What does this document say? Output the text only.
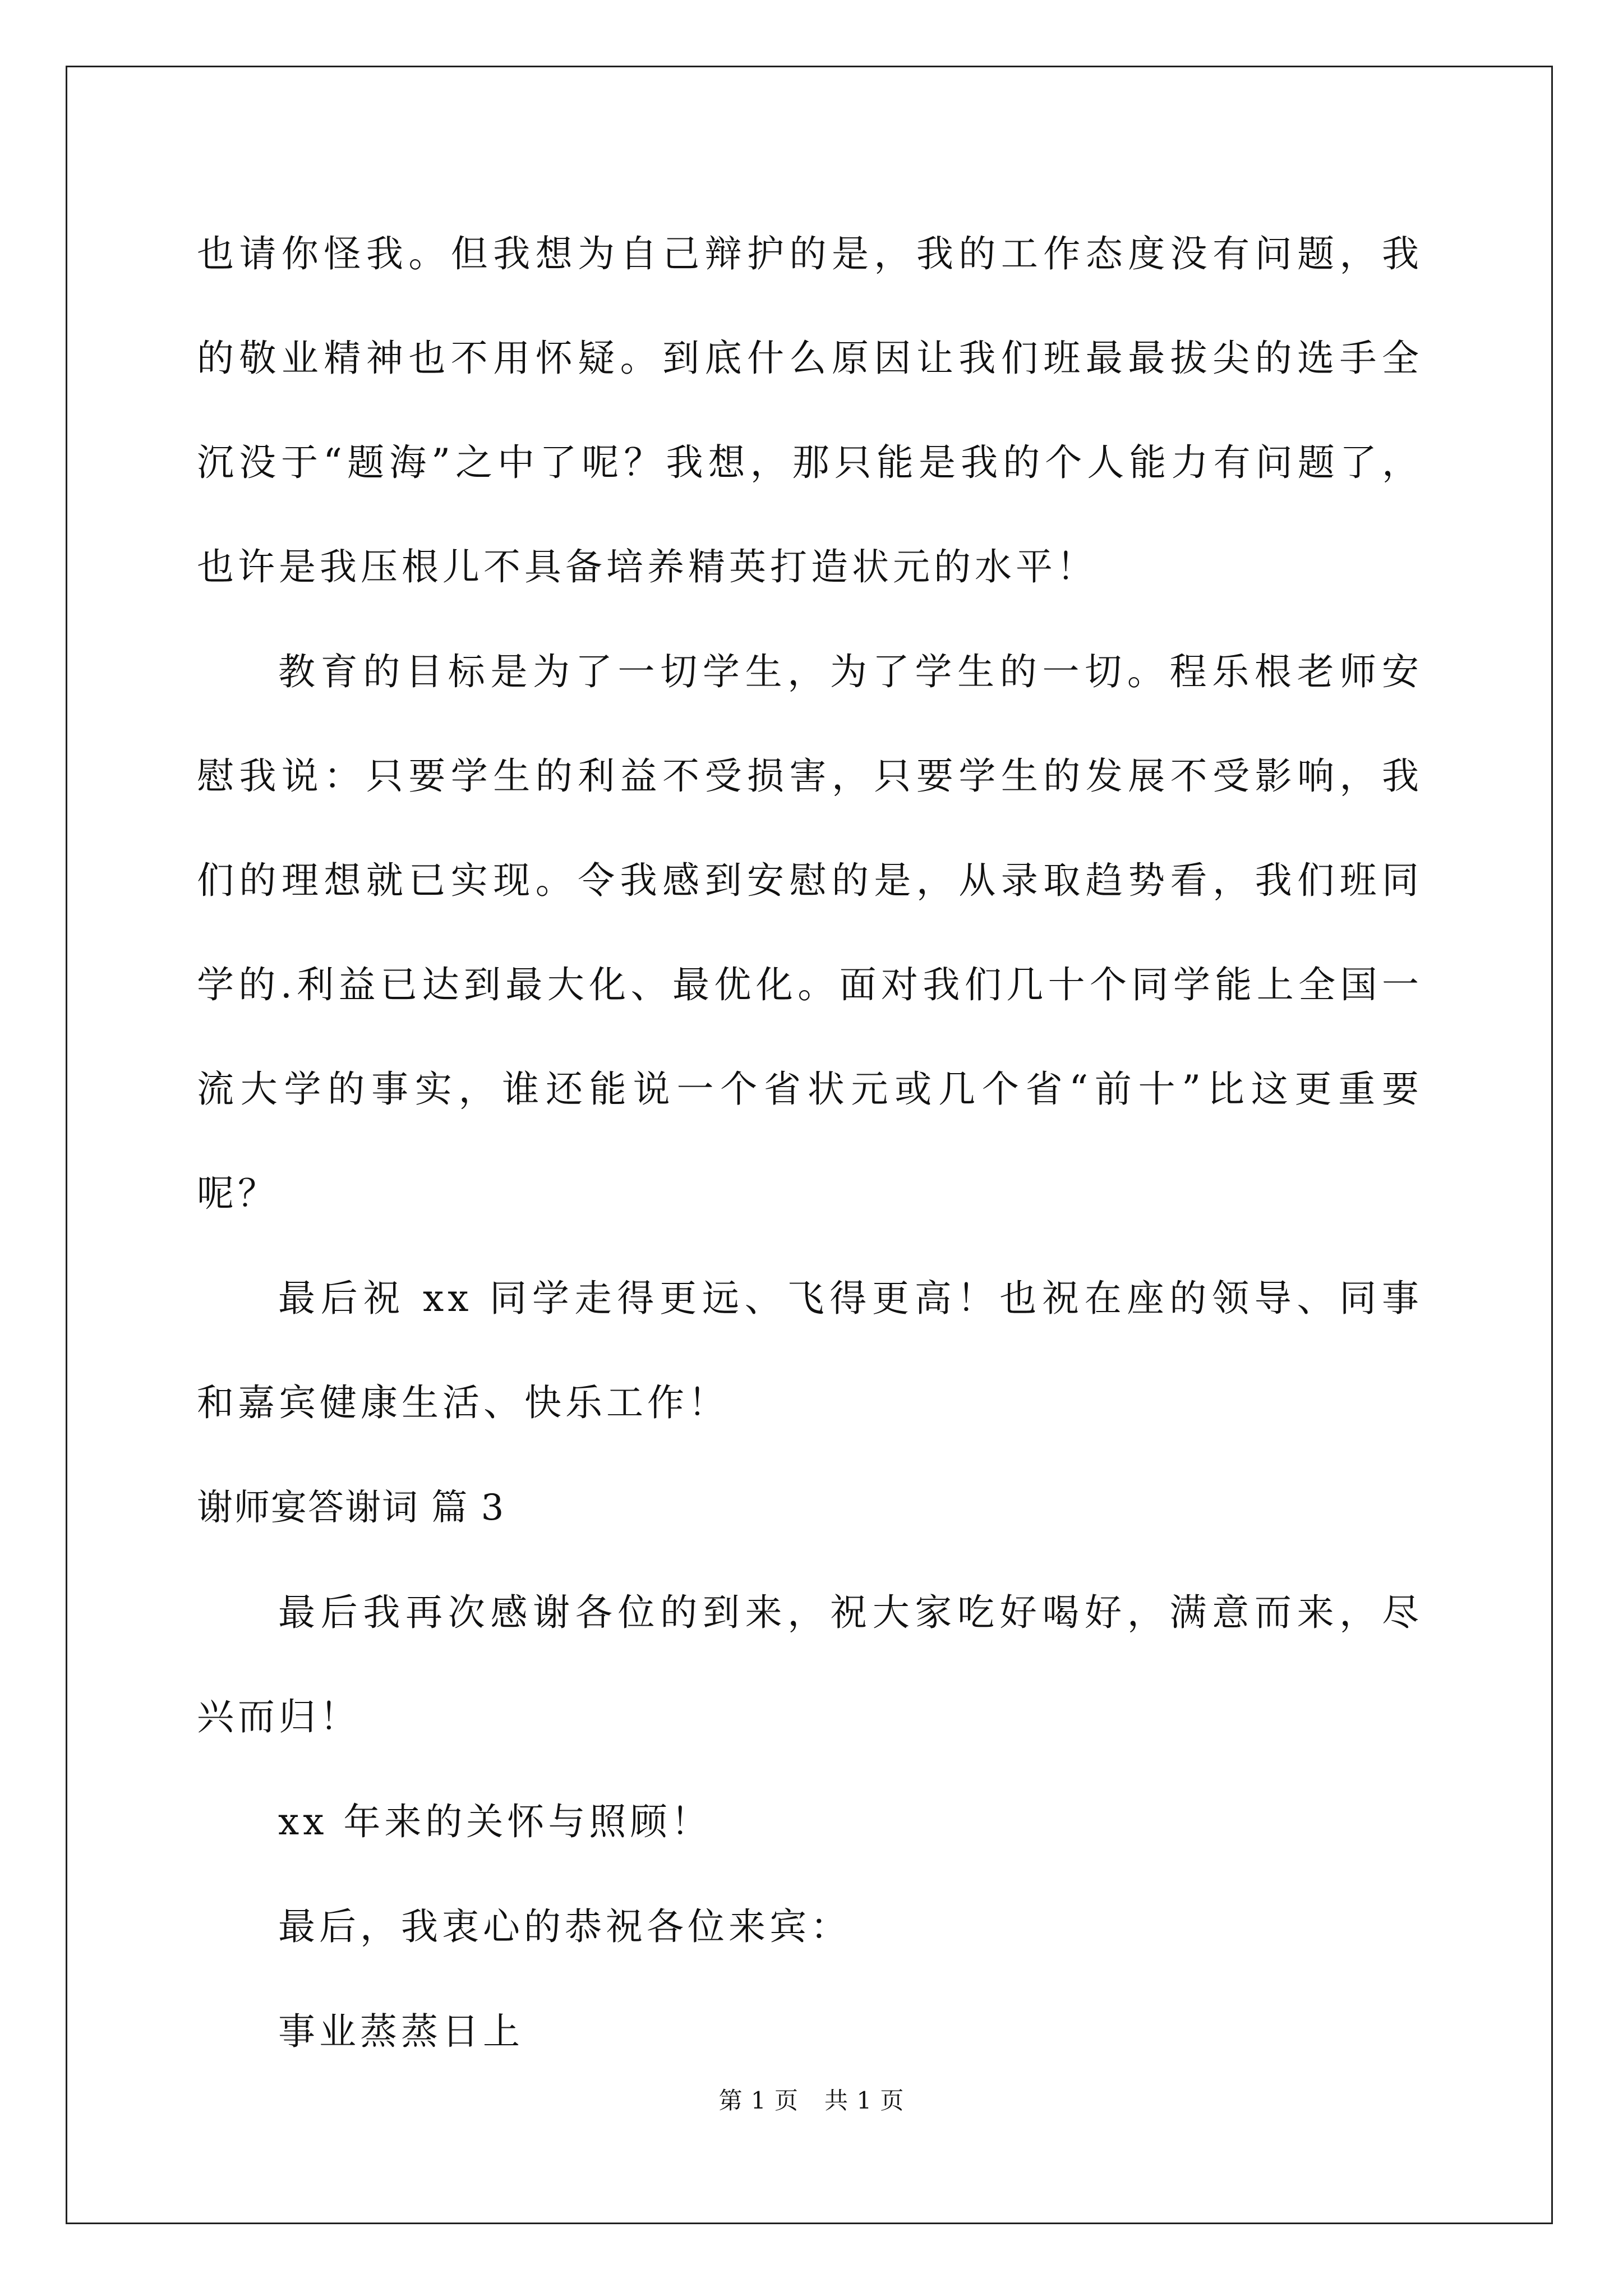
也请你怪我。但我想为自己辩护的是，我的工作态度没有问题，我的敬业精神也不用怀疑。到底什么原因让我们班最最拔尖的选手全沉没于“题海”之中了呢？我想，那只能是我的个人能力有问题了，也许是我压根儿不具备培养精英打造状元的水平！

教育的目标是为了一切学生，为了学生的一切。程乐根老师安慰我说：只要学生的利益不受损害，只要学生的发展不受影响，我们的理想就已实现。令我感到安慰的是，从录取趋势看，我们班同学的.利益已达到最大化、最优化。面对我们几十个同学能上全国一流大学的事实，谁还能说一个省状元或几个省“前十”比这更重要呢？

最后祝 xx 同学走得更远、飞得更高！也祝在座的领导、同事和嘉宾健康生活、快乐工作！

谢师宴答谢词 篇 3

最后我再次感谢各位的到来，祝大家吃好喝好，满意而来，尽兴而归！

xx 年来的关怀与照顾！

最后，我衷心的恭祝各位来宾：

事业蒸蒸日上

第 1 页 共 1 页
